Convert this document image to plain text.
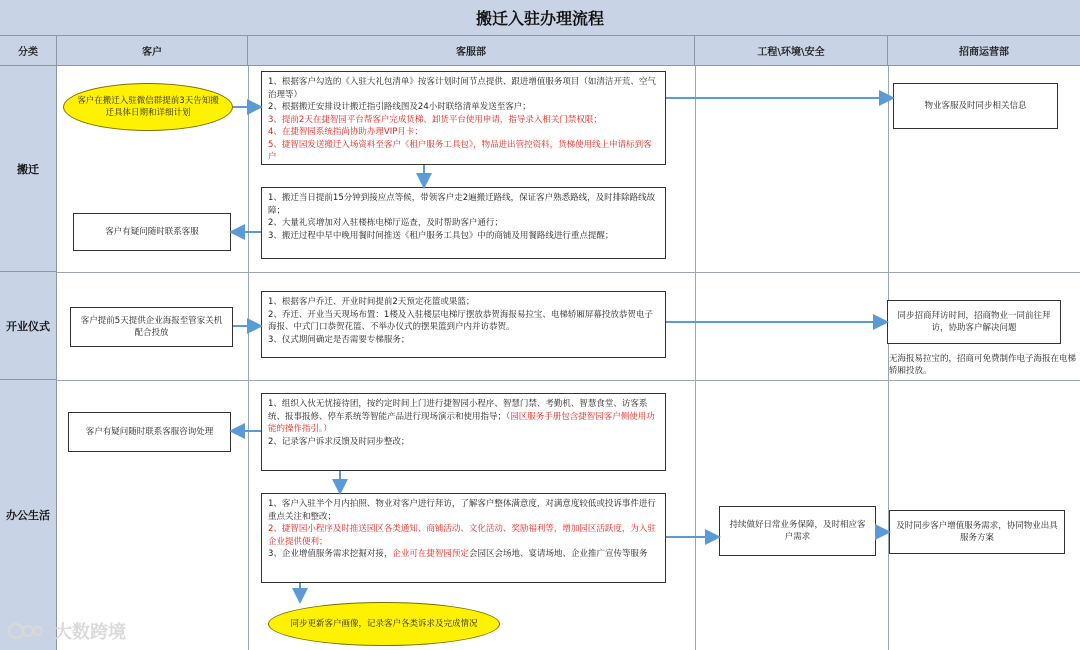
搬迁入驻办理流程
分类	客户	客服部	工程\环境\安全	招商运营部
搬迁
开业仪式
办公生活
客户在搬迁入驻微信群提前3天告知搬迁具体日期和详细计划
1、根据客户勾选的《入驻大礼包清单》按客计划时间节点提供、跟进增值服务项目（如清洁开荒、空气治理等）
2、根据搬迁安排设计搬迁指引路线图及24小时联络清单发送至客户；
3、提前2天在捷智园平台帮客户完成货梯、卸货平台使用申请，指导录入相关门禁权限；
4、在捷智园系统指尚协助办理VIP月卡；
5、捷智园发送搬迁入场资料至客户《租户服务工具包》，物品进出管控资料，货梯使用线上申请标到客户
1、搬迁当日提前15分钟到接应点等候，带领客户走2遍搬迁路线，保证客户熟悉路线，及时排除路线故障；
2、大量礼宾增加对入驻楼栋电梯厅巡查，及时帮助客户通行；
3、搬迁过程中早中晚用餐时间推送《租户服务工具包》中的商铺及用餐路线进行重点提醒；
客户有疑问随时联系客服
物业客服及时同步相关信息
客户提前5天提供企业海报至管家关机配合投放
1、根据客户乔迁、开业时间提前2天预定花篮或果篮；
2、乔迁、开业当天现场布置：1楼及入驻楼层电梯厅摆放恭贺海报易拉宝、电梯轿厢屏幕投放恭贺电子海报、中式门口恭贺花篮、不举办仪式的摆果篮到户内并访恭贺。
3、仪式期间确定是否需要专梯服务；
同步招商拜访时间，招商物业一同前往拜访，协助客户解决问题
无海报易拉宝的，招商可免费制作电子海报在电梯轿厢投放。
客户有疑问随时联系客服咨询处理
1、组织入伙无忧接待团，按约定时间上门进行捷智园小程序、智慧门禁、考勤机、智慧食堂、访客系统、报事报修、停车系统等智能产品进行现场演示和使用指导；（园区服务手册包含捷智园客户侧使用功能的操作指引。）
2、记录客户诉求反馈及时同步整改；
1、客户入驻半个月内拍照、物业对客户进行拜访，了解客户整体满意度，对满意度较低或投诉事件进行重点关注和整改；
2、捷智园小程序及时推送园区各类通知、商铺活动、文化活动、奖励福利等，增加园区活跃度，为入驻企业提供便利；
3、企业增值服务需求挖掘对接，企业可在捷智园预定会园区会场地、宴请场地、企业推广宣传等服务
持续做好日常业务保障，及时相应客户需求
及时同步客户增值服务需求，协同物业出具服务方案
同步更新客户画像，记录客户各类诉求及完成情况
大数跨境
